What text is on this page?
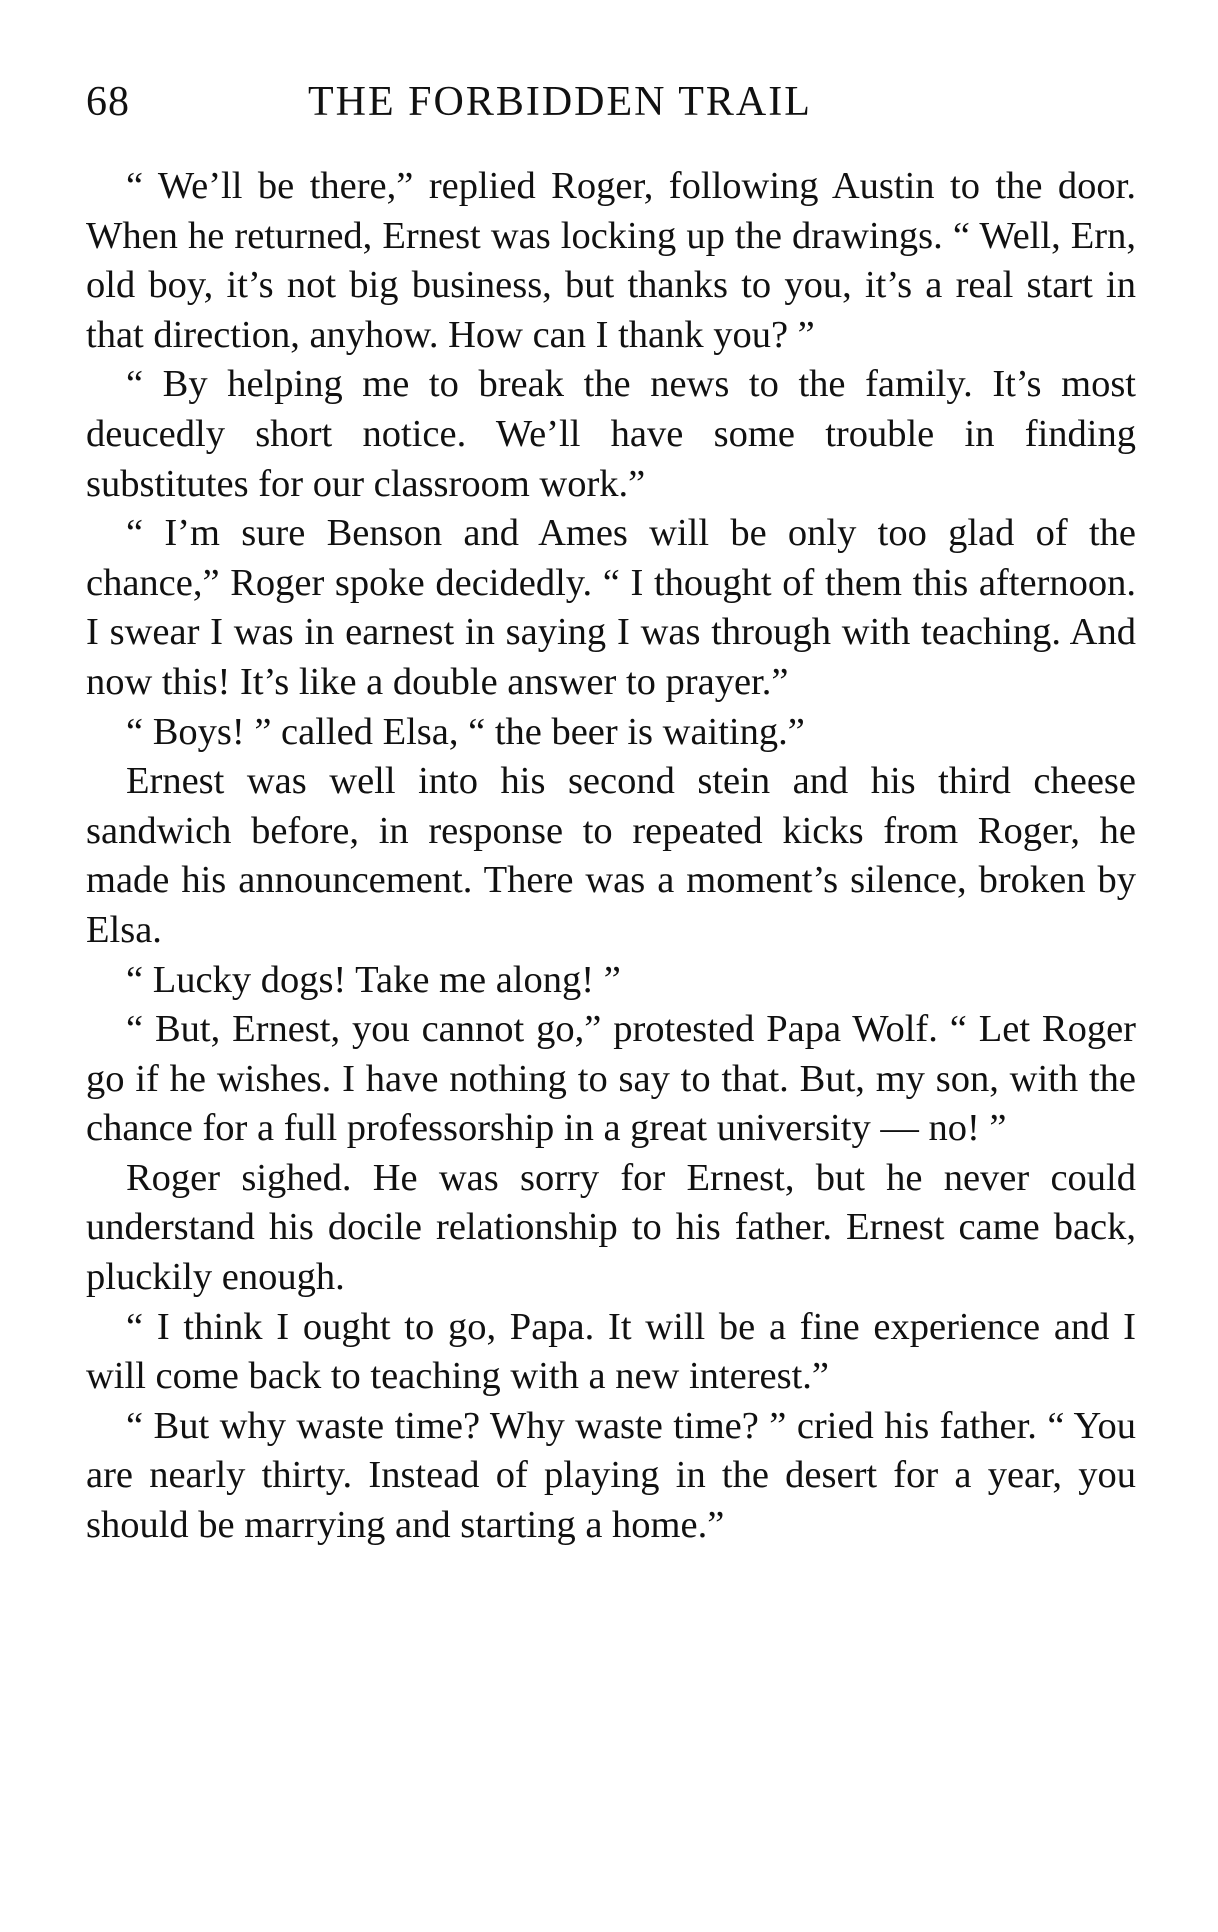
68	THE FORBIDDEN TRAIL

“ We’ll be there,” replied Roger, following Austin to the door. When he returned, Ernest was locking up the drawings. “ Well, Ern, old boy, it’s not big business, but thanks to you, it’s a real start in that direction, anyhow. How can I thank you? ”

“ By helping me to break the news to the family. It’s most deucedly short notice. We’ll have some trouble in finding substitutes for our classroom work.”

“ I’m sure Benson and Ames will be only too glad of the chance,” Roger spoke decidedly. “ I thought of them this afternoon. I swear I was in earnest in saying I was through with teaching. And now this! It’s like a double answer to prayer.”

“ Boys! ” called Elsa, “ the beer is waiting.”

Ernest was well into his second stein and his third cheese sandwich before, in response to repeated kicks from Roger, he made his announcement. There was a moment’s silence, broken by Elsa.

“ Lucky dogs! Take me along! ”

“ But, Ernest, you cannot go,” protested Papa Wolf. “ Let Roger go if he wishes. I have nothing to say to that. But, my son, with the chance for a full professorship in a great university — no! ”

Roger sighed. He was sorry for Ernest, but he never could understand his docile relationship to his father. Ernest came back, pluckily enough.

“ I think I ought to go, Papa. It will be a fine experience and I will come back to teaching with a new interest.”

“ But why waste time? Why waste time? ” cried his father. “ You are nearly thirty. Instead of playing in the desert for a year, you should be marrying and starting a home.”
